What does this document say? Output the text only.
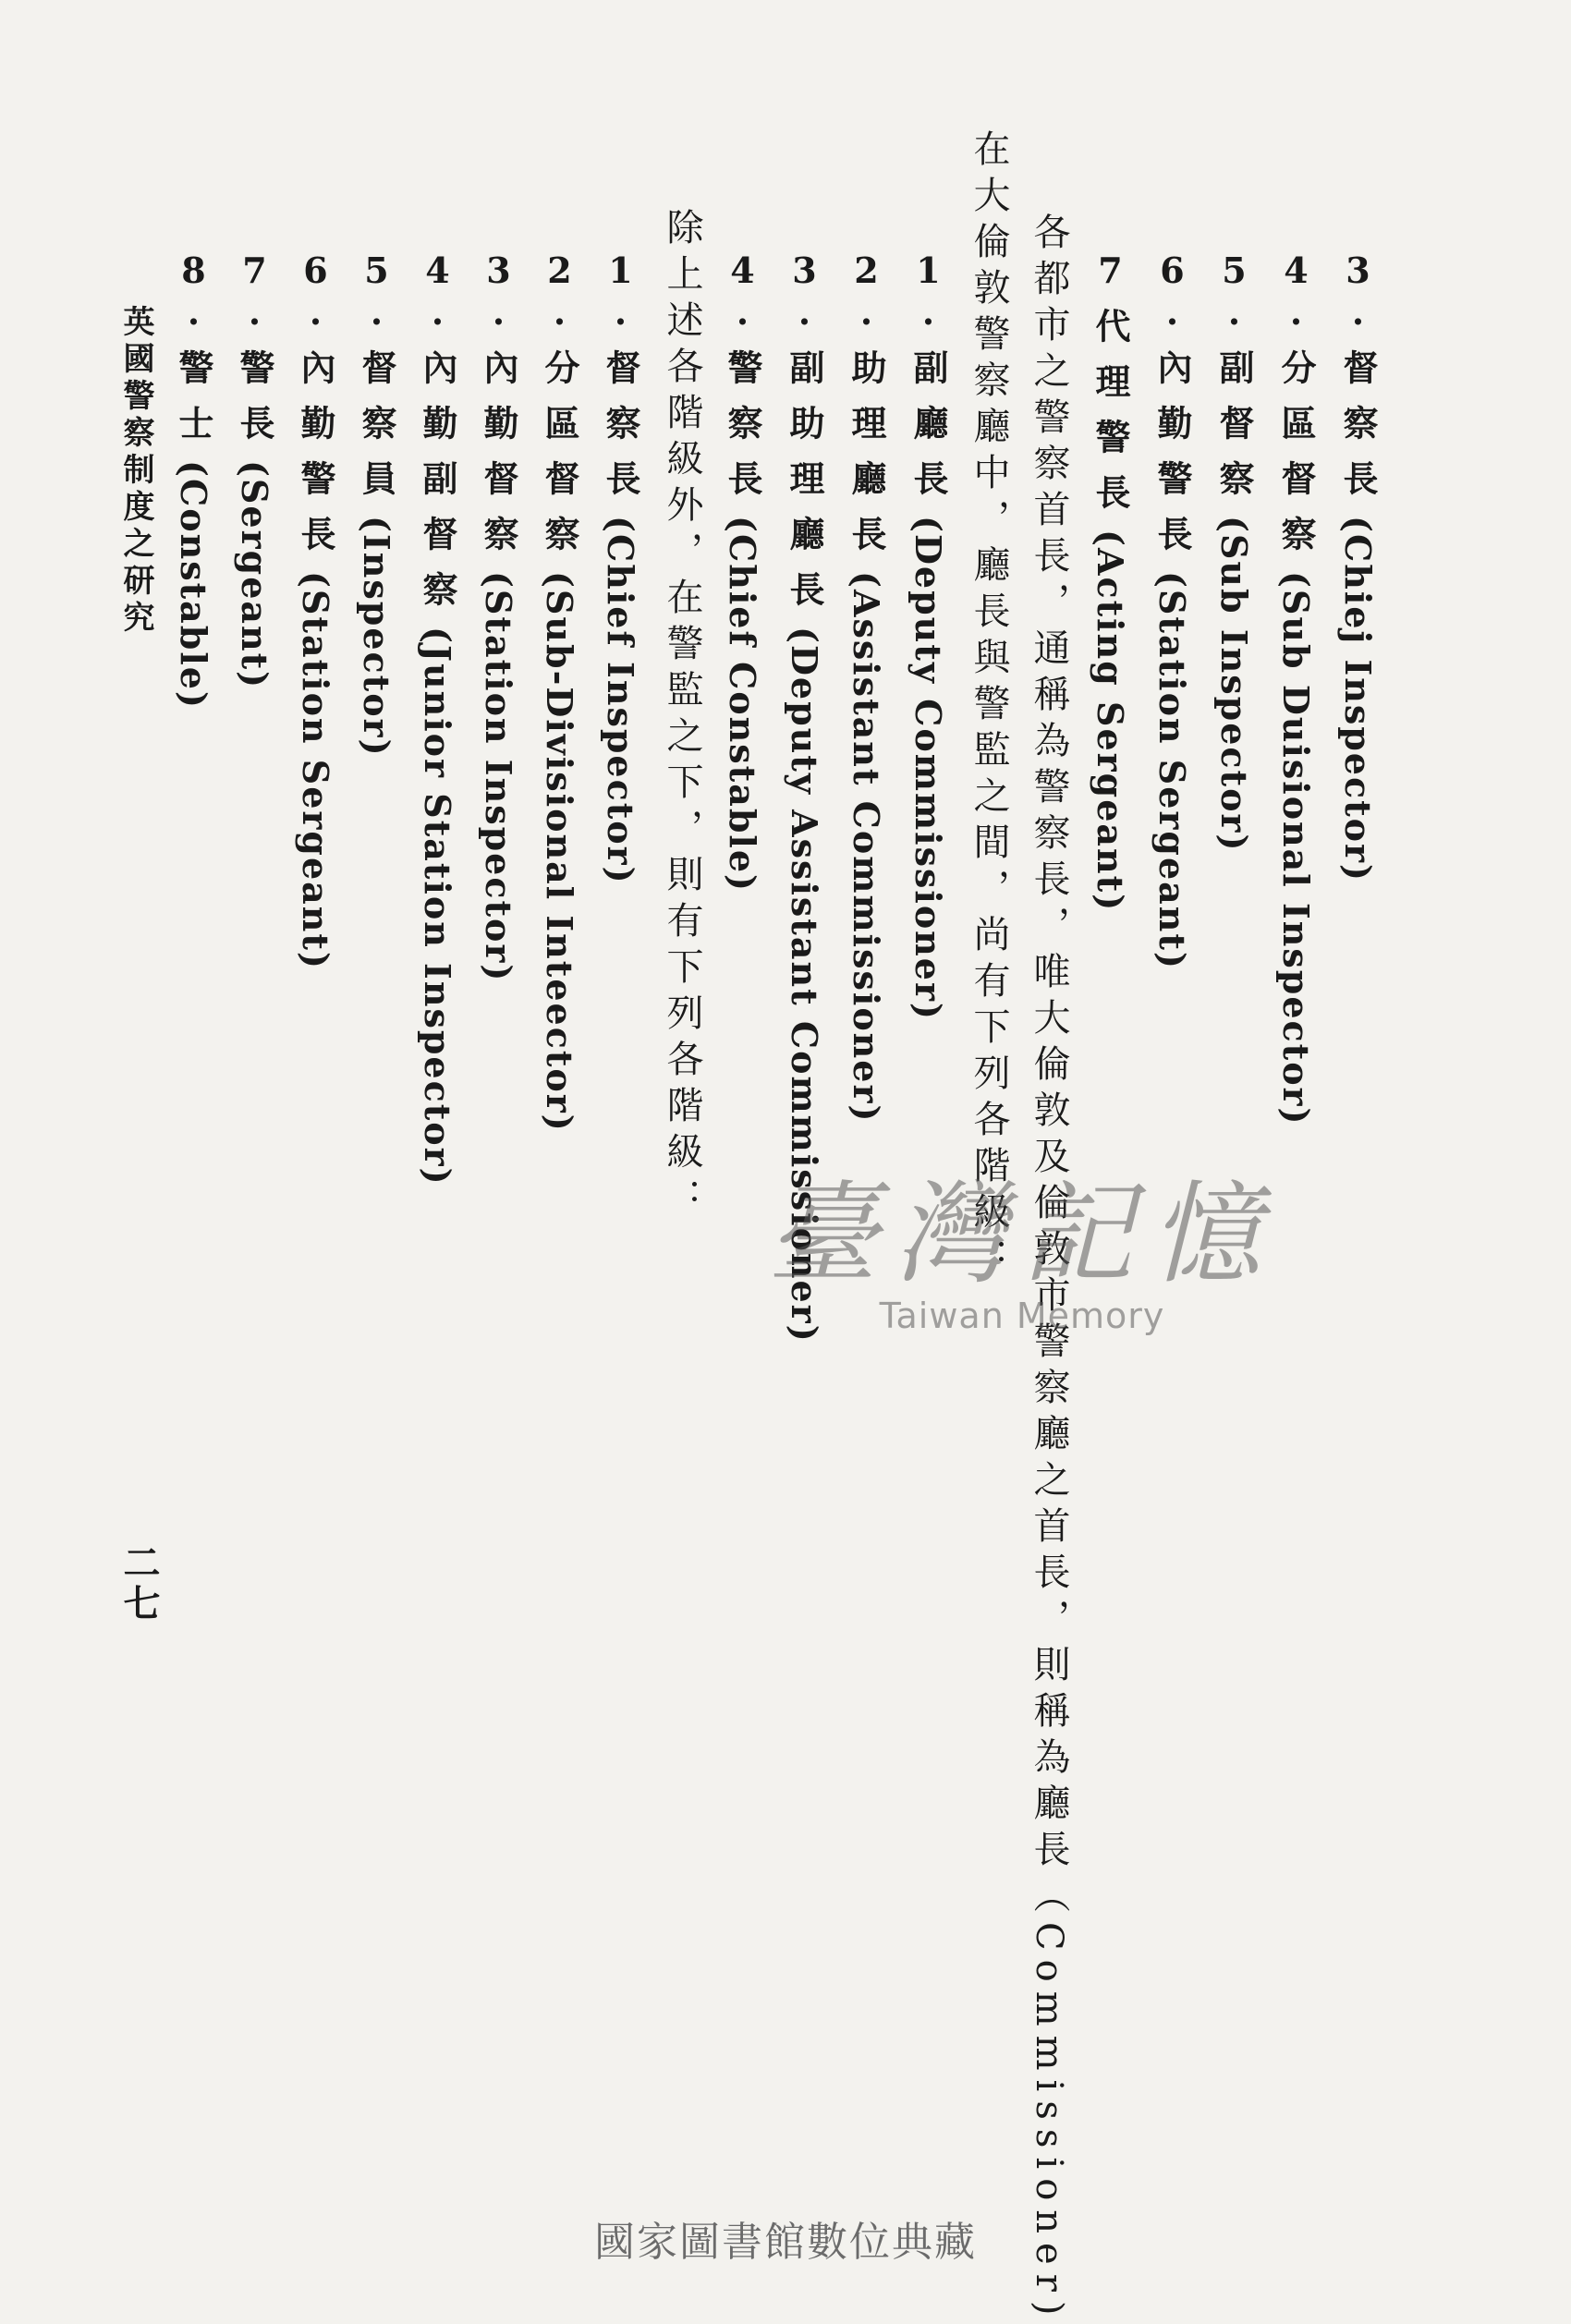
3.督察長(Chiej Inspector)
4.分區督察(Sub Duisional Inspector)
5.副督察(Sub Inspector)
6.內勤警長(Station Sergeant)
7代理警長(Acting Sergeant)
各都市之警察首長，通稱為警察長，唯大倫敦及倫敦市警察廳之首長，則稱為廳長（Commissioner)
在大倫敦警察廳中，廳長與警監之間，尚有下列各階級：
1.副廳長(Deputy Commissioner)
2.助理廳長(Assistant Commissioner)
3.副助理廳長(Deputy Assistant Commissioner)
4.警察長(Chief Constable)
除上述各階級外，在警監之下，則有下列各階級：
1.督察長(Chief Inspector)
2.分區督察(Sub-Divisional Inteector)
3.內勤督察(Station Inspector)
4.內勤副督察(Junior Station Inspector)
5.督察員(Inspector)
6.內勤警長(Station Sergeant)
7.警長(Sergeant)
8.警士(Constable)
英國警察制度之研究
二七
臺灣記憶
Taiwan Memory
國家圖書館數位典藏
